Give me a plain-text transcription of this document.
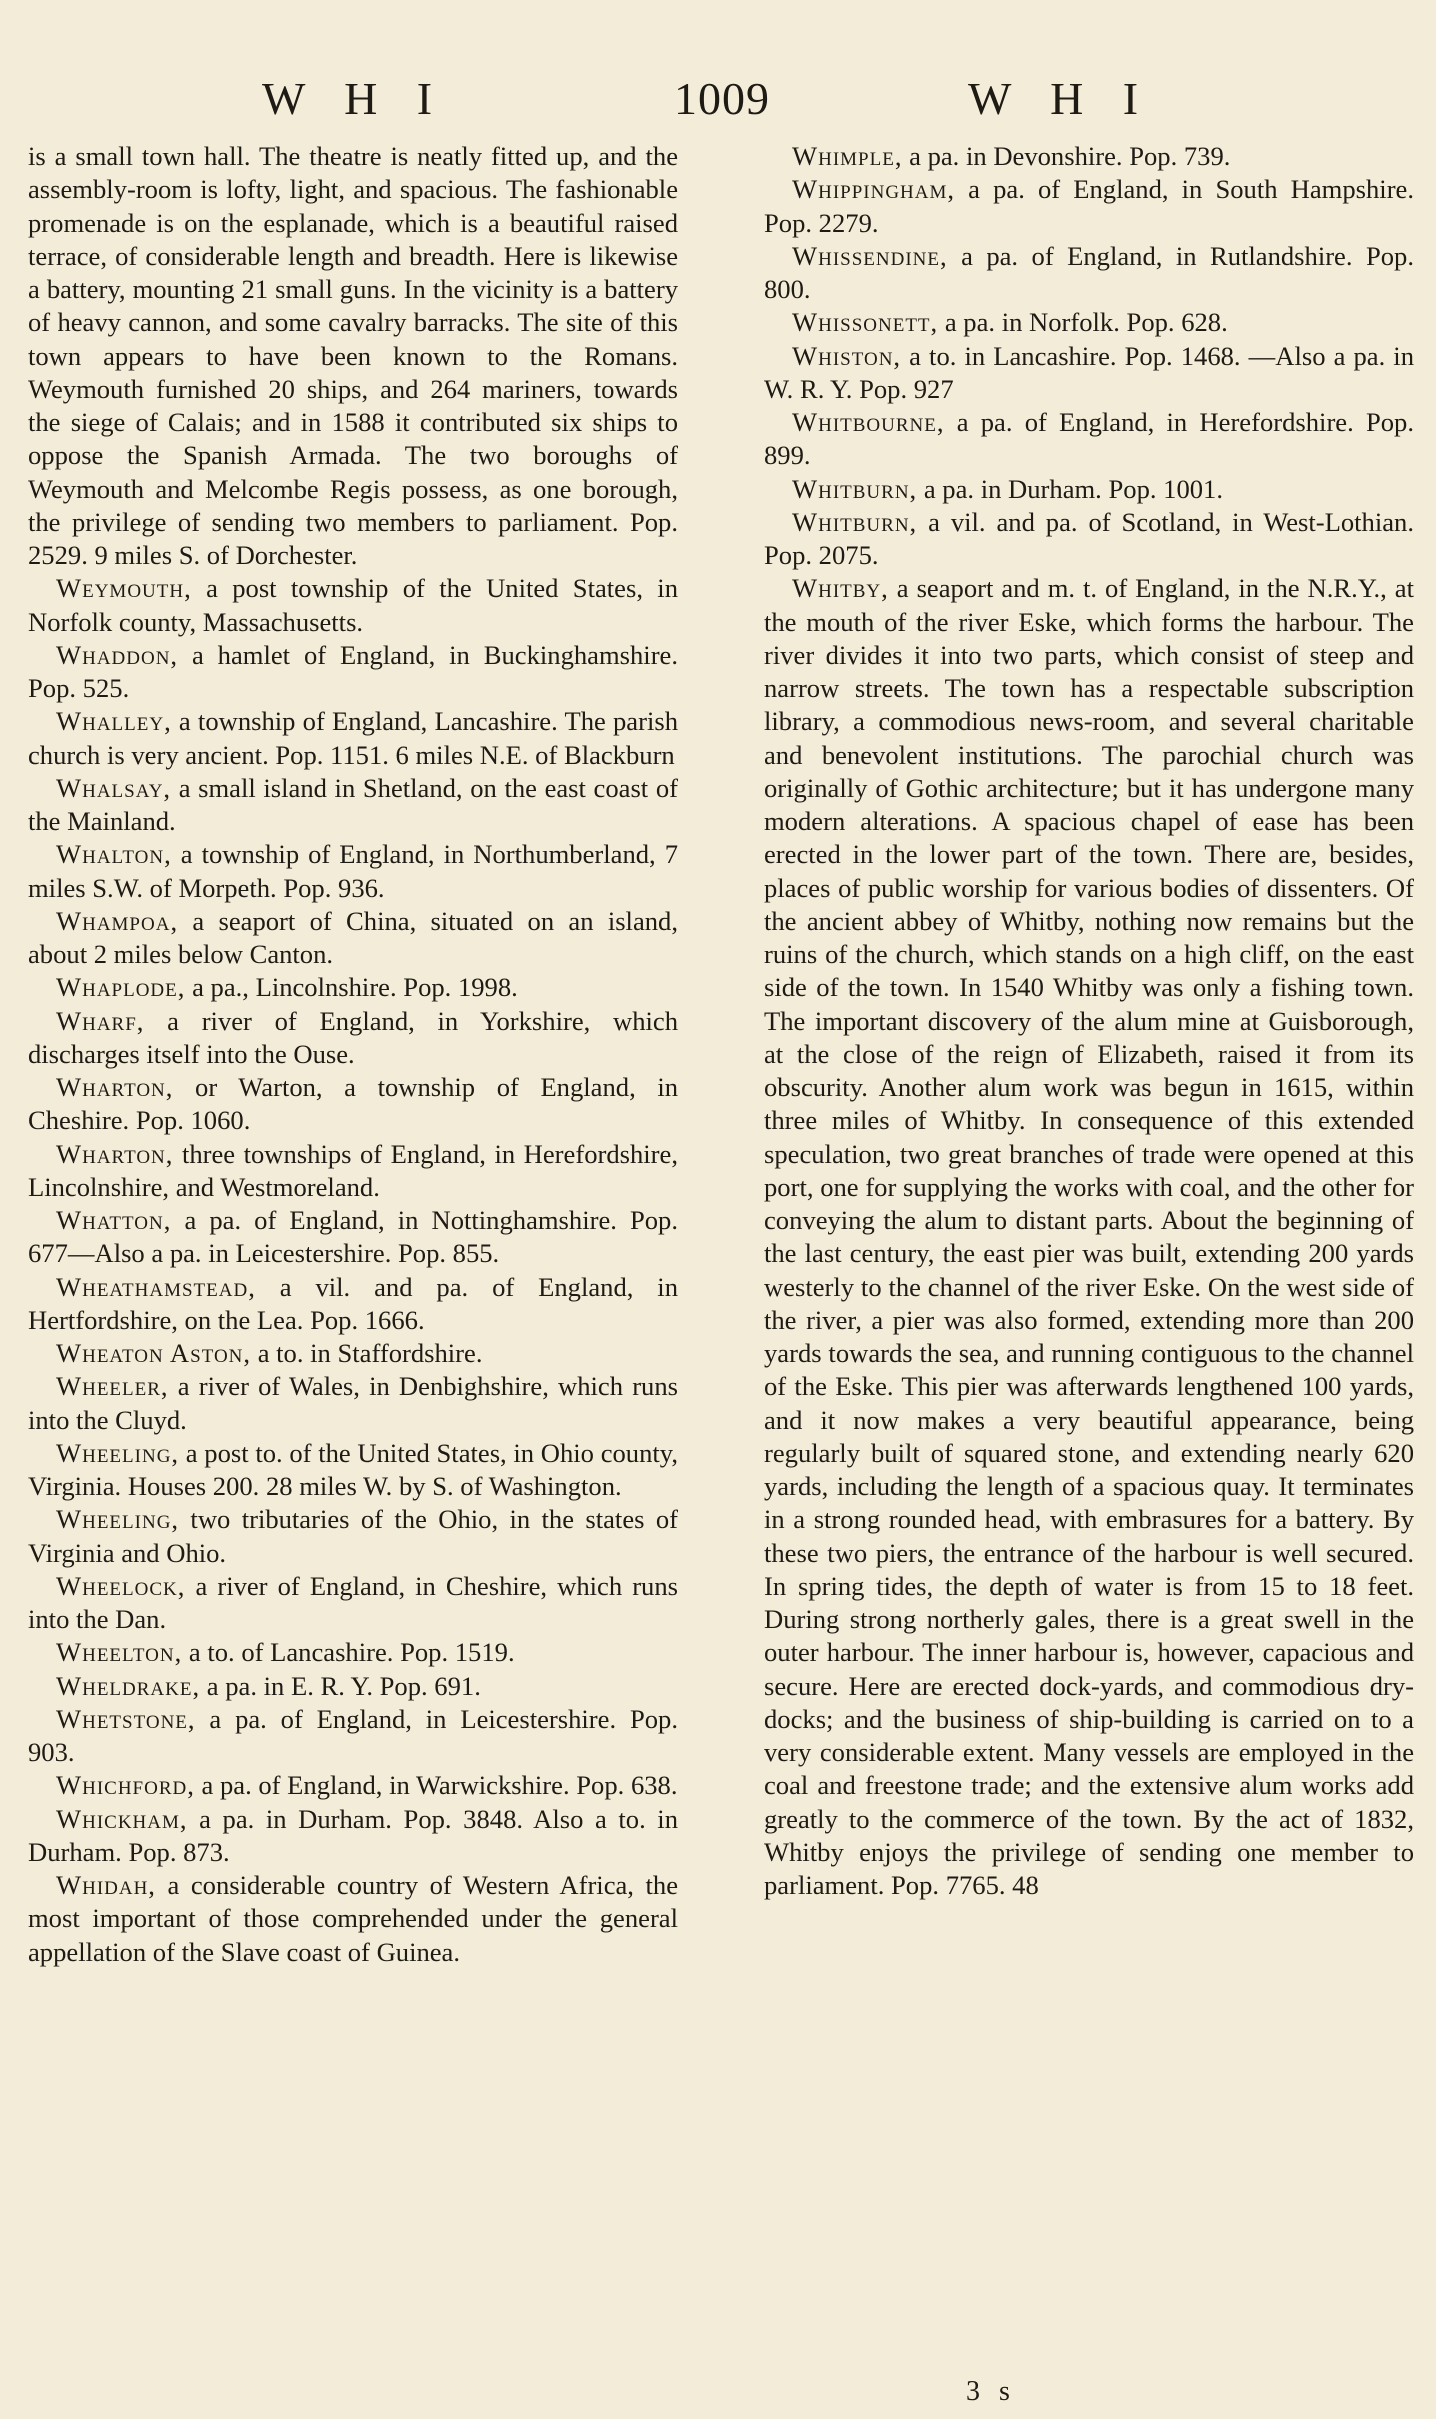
W H I	1009	W H I

is a small town hall. The theatre is neatly fitted up, and the assembly-room is lofty, light, and spacious. The fashionable promenade is on the esplanade, which is a beautiful raised terrace, of considerable length and breadth. Here is likewise a battery, mounting 21 small guns. In the vicinity is a battery of heavy cannon, and some cavalry barracks. The site of this town appears to have been known to the Romans. Weymouth furnished 20 ships, and 264 mariners, towards the siege of Calais; and in 1588 it contributed six ships to oppose the Spanish Armada. The two boroughs of Weymouth and Melcombe Regis possess, as one borough, the privilege of sending two members to parliament. Pop. 2529. 9 miles S. of Dorchester.

Weymouth, a post township of the United States, in Norfolk county, Massachusetts.

Whaddon, a hamlet of England, in Buckinghamshire. Pop. 525.

Whalley, a township of England, Lancashire. The parish church is very ancient. Pop. 1151. 6 miles N.E. of Blackburn

Whalsay, a small island in Shetland, on the east coast of the Mainland.

Whalton, a township of England, in Northumberland, 7 miles S.W. of Morpeth. Pop. 936.

Whampoa, a seaport of China, situated on an island, about 2 miles below Canton.

Whaplode, a pa., Lincolnshire. Pop. 1998.

Wharf, a river of England, in Yorkshire, which discharges itself into the Ouse.

Wharton, or Warton, a township of England, in Cheshire. Pop. 1060.

Wharton, three townships of England, in Herefordshire, Lincolnshire, and Westmoreland.

Whatton, a pa. of England, in Nottinghamshire. Pop. 677—Also a pa. in Leicestershire. Pop. 855.

Wheathamstead, a vil. and pa. of England, in Hertfordshire, on the Lea. Pop. 1666.

Wheaton Aston, a to. in Staffordshire.

Wheeler, a river of Wales, in Denbighshire, which runs into the Cluyd.

Wheeling, a post to. of the United States, in Ohio county, Virginia. Houses 200. 28 miles W. by S. of Washington.

Wheeling, two tributaries of the Ohio, in the states of Virginia and Ohio.

Wheelock, a river of England, in Cheshire, which runs into the Dan.

Wheelton, a to. of Lancashire. Pop. 1519.

Wheldrake, a pa. in E. R. Y. Pop. 691.

Whetstone, a pa. of England, in Leicestershire. Pop. 903.

Whichford, a pa. of England, in Warwickshire. Pop. 638.

Whickham, a pa. in Durham. Pop. 3848. Also a to. in Durham. Pop. 873.

Whidah, a considerable country of Western Africa, the most important of those comprehended under the general appellation of the Slave coast of Guinea.

Whimple, a pa. in Devonshire. Pop. 739.

Whippingham, a pa. of England, in South Hampshire. Pop. 2279.

Whissendine, a pa. of England, in Rutlandshire. Pop. 800.

Whissonett, a pa. in Norfolk. Pop. 628.

Whiston, a to. in Lancashire. Pop. 1468. —Also a pa. in W. R. Y. Pop. 927

Whitbourne, a pa. of England, in Herefordshire. Pop. 899.

Whitburn, a pa. in Durham. Pop. 1001.

Whitburn, a vil. and pa. of Scotland, in West-Lothian. Pop. 2075.

Whitby, a seaport and m. t. of England, in the N.R.Y., at the mouth of the river Eske, which forms the harbour. The river divides it into two parts, which consist of steep and narrow streets. The town has a respectable subscription library, a commodious news-room, and several charitable and benevolent institutions. The parochial church was originally of Gothic architecture; but it has undergone many modern alterations. A spacious chapel of ease has been erected in the lower part of the town. There are, besides, places of public worship for various bodies of dissenters. Of the ancient abbey of Whitby, nothing now remains but the ruins of the church, which stands on a high cliff, on the east side of the town. In 1540 Whitby was only a fishing town. The important discovery of the alum mine at Guisborough, at the close of the reign of Elizabeth, raised it from its obscurity. Another alum work was begun in 1615, within three miles of Whitby. In consequence of this extended speculation, two great branches of trade were opened at this port, one for supplying the works with coal, and the other for conveying the alum to distant parts. About the beginning of the last century, the east pier was built, extending 200 yards westerly to the channel of the river Eske. On the west side of the river, a pier was also formed, extending more than 200 yards towards the sea, and running contiguous to the channel of the Eske. This pier was afterwards lengthened 100 yards, and it now makes a very beautiful appearance, being regularly built of squared stone, and extending nearly 620 yards, including the length of a spacious quay. It terminates in a strong rounded head, with embrasures for a battery. By these two piers, the entrance of the harbour is well secured. In spring tides, the depth of water is from 15 to 18 feet. During strong northerly gales, there is a great swell in the outer harbour. The inner harbour is, however, capacious and secure. Here are erected dock-yards, and commodious dry-docks; and the business of ship-building is carried on to a very considerable extent. Many vessels are employed in the coal and freestone trade; and the extensive alum works add greatly to the commerce of the town. By the act of 1832, Whitby enjoys the privilege of sending one member to parliament. Pop. 7765. 48

3 s
